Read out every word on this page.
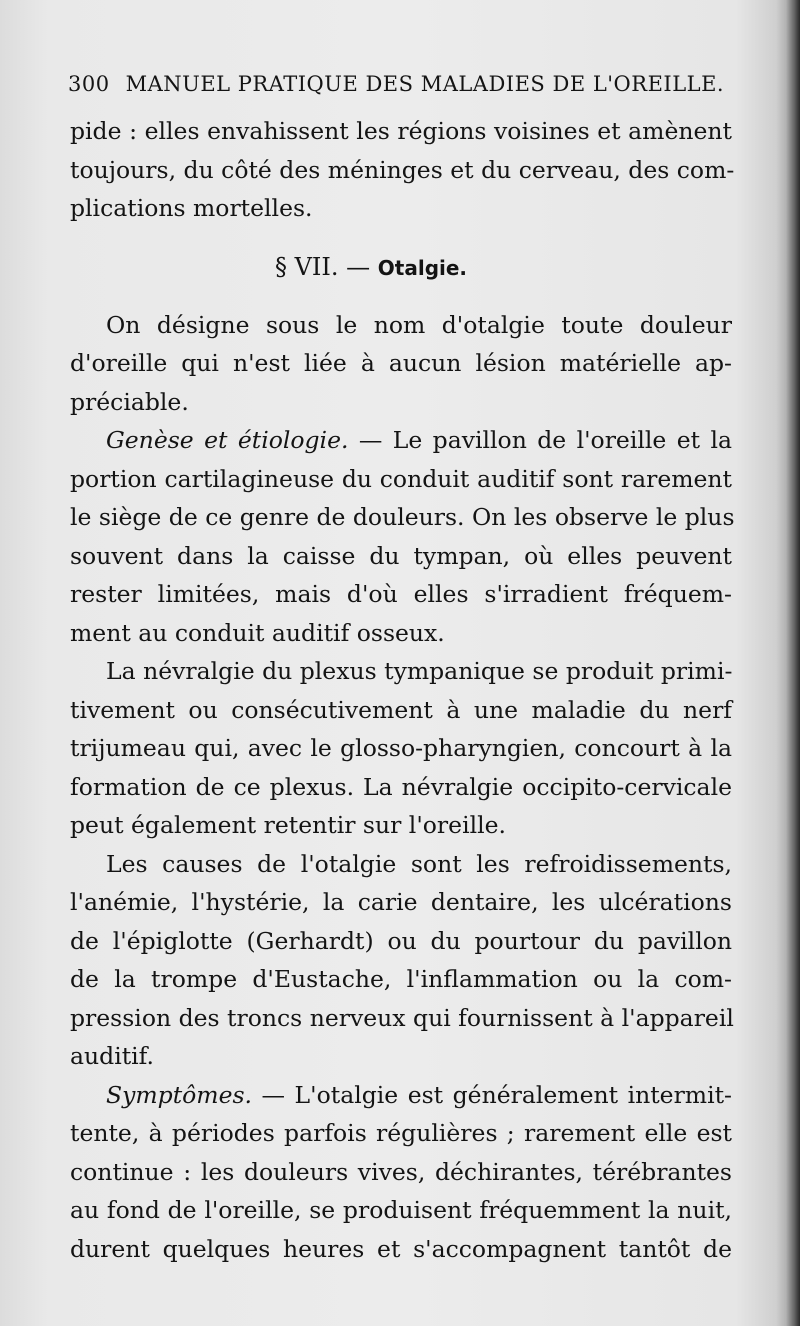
300 MANUEL PRATIQUE DES MALADIES DE L'OREILLE.
pide : elles envahissent les régions voisines et amènent
toujours, du côté des méninges et du cerveau, des com-
plications mortelles.
§ VII. — Otalgie.
On désigne sous le nom d'otalgie toute douleur
d'oreille qui n'est liée à aucun lésion matérielle ap-
préciable.
Genèse et étiologie. — Le pavillon de l'oreille et la
portion cartilagineuse du conduit auditif sont rarement
le siège de ce genre de douleurs. On les observe le plus
souvent dans la caisse du tympan, où elles peuvent
rester limitées, mais d'où elles s'irradient fréquem-
ment au conduit auditif osseux.
La névralgie du plexus tympanique se produit primi-
tivement ou consécutivement à une maladie du nerf
trijumeau qui, avec le glosso-pharyngien, concourt à la
formation de ce plexus. La névralgie occipito-cervicale
peut également retentir sur l'oreille.
Les causes de l'otalgie sont les refroidissements,
l'anémie, l'hystérie, la carie dentaire, les ulcérations
de l'épiglotte (Gerhardt) ou du pourtour du pavillon
de la trompe d'Eustache, l'inflammation ou la com-
pression des troncs nerveux qui fournissent à l'appareil
auditif.
Symptômes. — L'otalgie est généralement intermit-
tente, à périodes parfois régulières ; rarement elle est
continue : les douleurs vives, déchirantes, térébrantes
au fond de l'oreille, se produisent fréquemment la nuit,
durent quelques heures et s'accompagnent tantôt de
